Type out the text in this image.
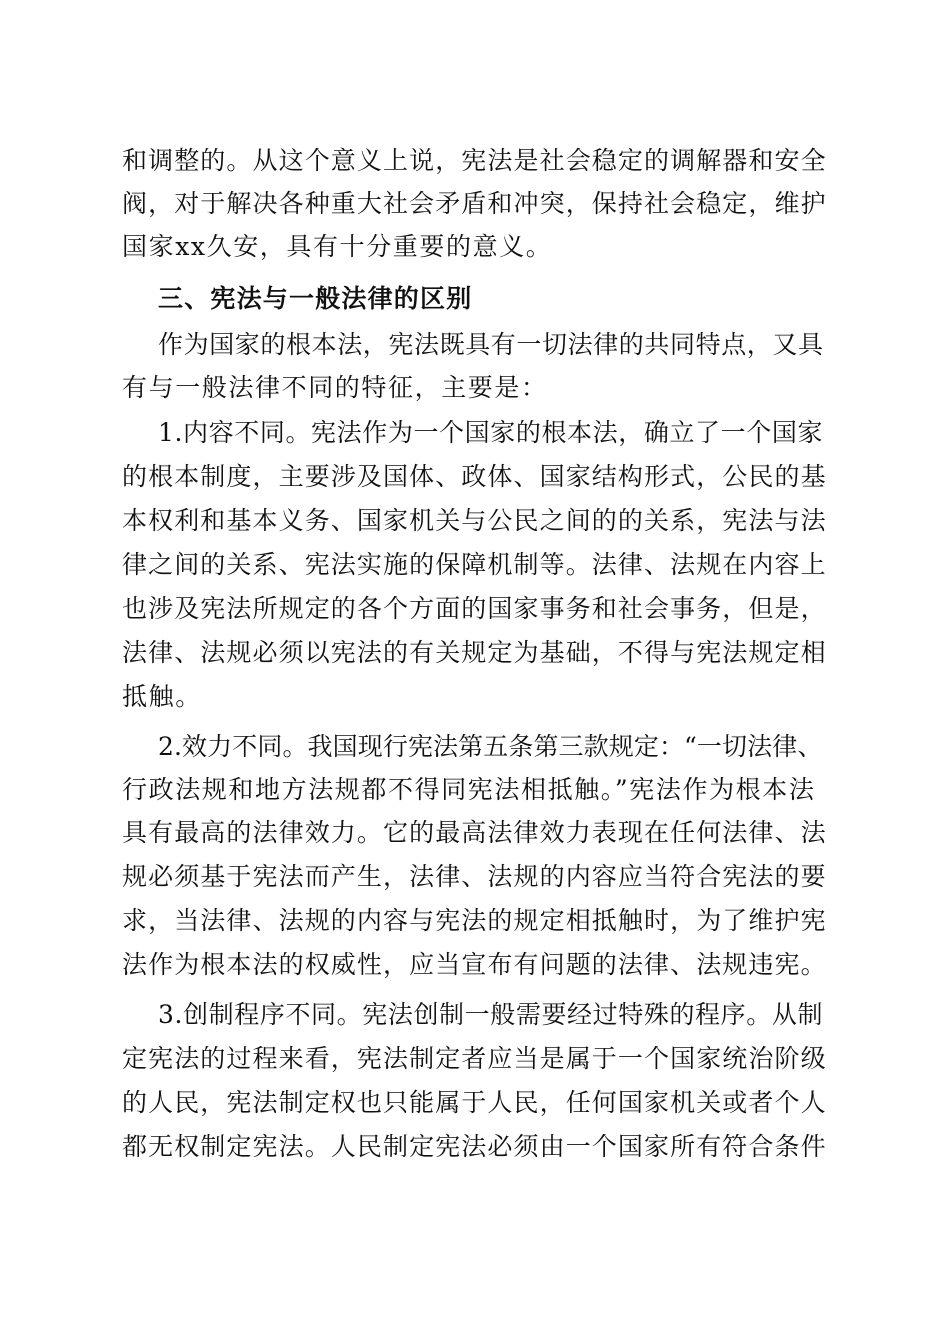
和调整的。从这个意义上说，宪法是社会稳定的调解器和安全
阀，对于解决各种重大社会矛盾和冲突，保持社会稳定，维护
国家xx久安，具有十分重要的意义。
三、宪法与一般法律的区别
作为国家的根本法，宪法既具有一切法律的共同特点，又具
有与一般法律不同的特征，主要是：
1.内容不同。宪法作为一个国家的根本法，确立了一个国家
的根本制度，主要涉及国体、政体、国家结构形式，公民的基
本权利和基本义务、国家机关与公民之间的的关系，宪法与法
律之间的关系、宪法实施的保障机制等。法律、法规在内容上
也涉及宪法所规定的各个方面的国家事务和社会事务，但是，
法律、法规必须以宪法的有关规定为基础，不得与宪法规定相
抵触。
2.效力不同。我国现行宪法第五条第三款规定：“一切法律、
行政法规和地方法规都不得同宪法相抵触。”宪法作为根本法
具有最高的法律效力。它的最高法律效力表现在任何法律、法
规必须基于宪法而产生，法律、法规的内容应当符合宪法的要
求，当法律、法规的内容与宪法的规定相抵触时，为了维护宪
法作为根本法的权威性，应当宣布有问题的法律、法规违宪。
3.创制程序不同。宪法创制一般需要经过特殊的程序。从制
定宪法的过程来看，宪法制定者应当是属于一个国家统治阶级
的人民，宪法制定权也只能属于人民，任何国家机关或者个人
都无权制定宪法。人民制定宪法必须由一个国家所有符合条件
